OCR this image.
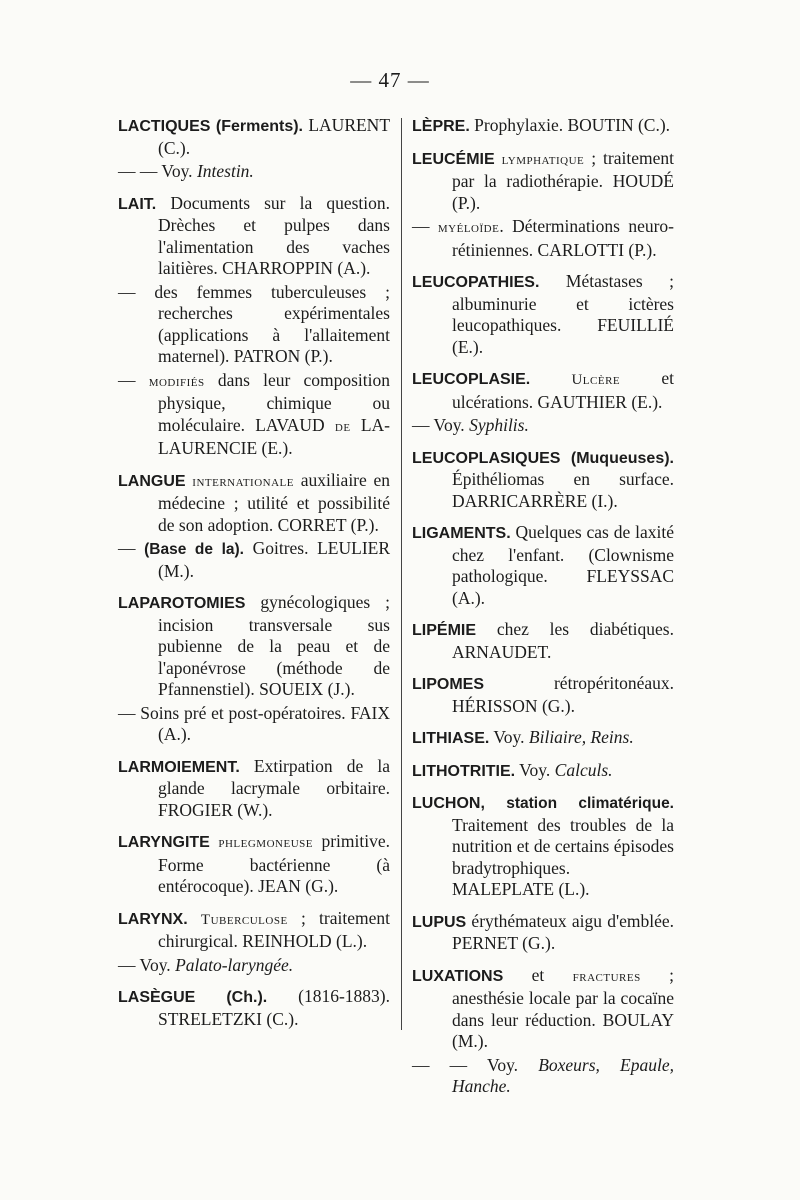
— 47 —

LACTIQUES (Ferments). LAURENT (C.).

— — Voy. Intestin.

LAIT. Documents sur la question. Drèches et pulpes dans l'alimentation des vaches laitières. CHARROPPIN (A.).

— des femmes tuberculeuses ; recherches expérimentales (applications à l'allaitement maternel). PATRON (P.).

— modifiés dans leur composition physique, chimique ou moléculaire. LAVAUD de LA-LAURENCIE (E.).

LANGUE internationale auxiliaire en médecine ; utilité et possibilité de son adoption. CORRET (P.).

— (Base de la). Goitres. LEULIER (M.).

LAPAROTOMIES gynécologiques ; incision transversale sus pubienne de la peau et de l'aponévrose (méthode de Pfannenstiel). SOUEIX (J.).

— Soins pré et post-opératoires. FAIX (A.).

LARMOIEMENT. Extirpation de la glande lacrymale orbitaire. FROGIER (W.).

LARYNGITE phlegmoneuse primitive. Forme bactérienne (à entérocoque). JEAN (G.).

LARYNX. Tuberculose ; traitement chirurgical. REINHOLD (L.).

— Voy. Palato-laryngée.

LASÈGUE (Ch.). (1816-1883). STRELETZKI (C.).

LÈPRE. Prophylaxie. BOUTIN (C.).

LEUCÉMIE lymphatique ; traitement par la radiothérapie. HOUDÉ (P.).

— myéloïde. Déterminations neuro-rétiniennes. CARLOTTI (P.).

LEUCOPATHIES. Métastases ; albuminurie et ictères leucopathiques. FEUILLIÉ (E.).

LEUCOPLASIE.	Ulcère et ulcérations. GAUTHIER (E.).

— Voy. Syphilis.

LEUCOPLASIQUES (Muqueuses). Épithéliomas en surface. DARRICARRÈRE (I.).

LIGAMENTS. Quelques cas de laxité chez l'enfant. (Clownisme pathologique. FLEYSSAC (A.).

LIPÉMIE chez les diabétiques. ARNAUDET.

LIPOMES rétropéritonéaux. HÉRISSON (G.).

LITHIASE. Voy. Biliaire, Reins.

LITHOTRITIE. Voy. Calculs.

LUCHON, station climatérique. Traitement des troubles de la nutrition et de certains épisodes bradytrophiques. MALEPLATE (L.).

LUPUS érythémateux aigu d'emblée. PERNET (G.).

LUXATIONS et fractures ; anesthésie locale par la cocaïne dans leur réduction. BOULAY (M.).

— — Voy. Boxeurs, Epaule, Hanche.
